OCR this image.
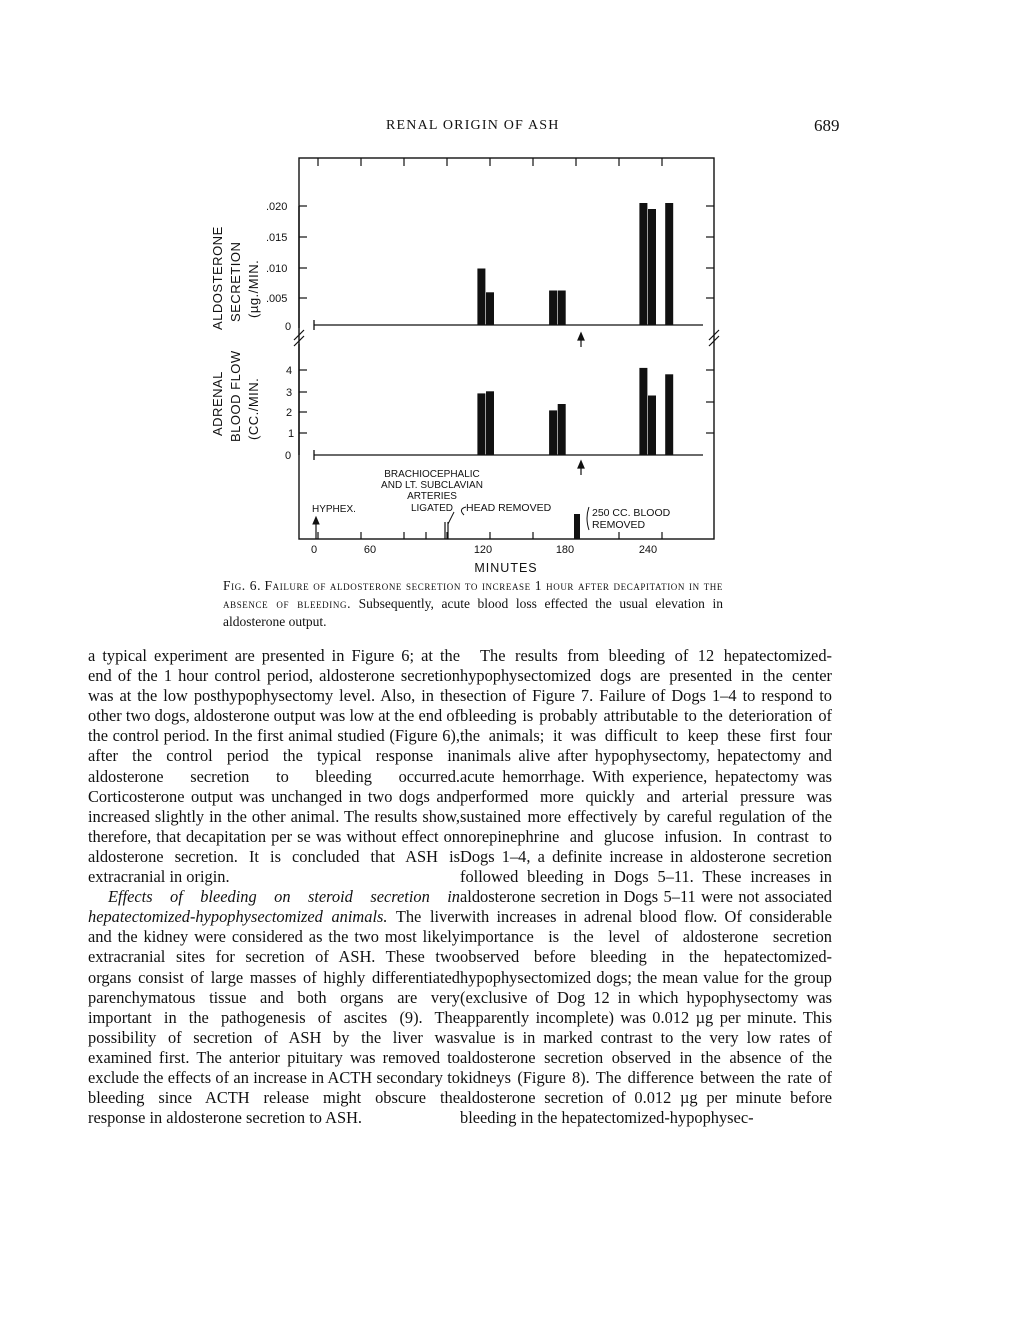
RENAL ORIGIN OF ASH	689
.020
.015
.010
.005
0
4
3
2
1
0
ALDOSTERONE SECRETION (µg./MIN.
ADRENAL BLOOD FLOW (CC./MIN.
BRACHIOCEPHALIC
AND LT. SUBCLAVIAN
ARTERIES
LIGATED
HYPHEX.	HEAD REMOVED	250 CC. BLOOD
REMOVED
0	60	120	180	240
MINUTES
Fig. 6. Failure of aldosterone secretion to increase 1 hour after decapitation in the absence of bleeding. Subsequently, acute blood loss effected the usual elevation in aldosterone output.

a typical experiment are presented in Figure 6; at the end of the 1 hour control period, aldosterone secretion was at the low posthypophysectomy level. Also, in the other two dogs, aldosterone output was low at the end of the control period. In the first animal studied (Figure 6), after the control period the typical response in aldosterone secretion to bleeding occurred. Corticosterone output was unchanged in two dogs and increased slightly in the other animal. The results show, therefore, that decapitation per se was without effect on aldosterone secretion. It is concluded that ASH is extracranial in origin.

Effects of bleeding on steroid secretion in hepatectomized-hypophysectomized animals. The liver and the kidney were considered as the two most likely extracranial sites for secretion of ASH. These two organs consist of large masses of highly differentiated parenchymatous tissue and both organs are very important in the pathogenesis of ascites (9). The possibility of secretion of ASH by the liver was examined first. The anterior pituitary was removed to exclude the effects of an increase in ACTH secondary to bleeding since ACTH release might obscure the response in aldosterone secretion to ASH.

The results from bleeding of 12 hepatectomized-hypophysectomized dogs are presented in the center section of Figure 7. Failure of Dogs 1–4 to respond to bleeding is probably attributable to the deterioration of the animals; it was difficult to keep these first four animals alive after hypophysectomy, hepatectomy and acute hemorrhage. With experience, hepatectomy was performed more quickly and arterial pressure was sustained more effectively by careful regulation of the norepinephrine and glucose infusion. In contrast to Dogs 1–4, a definite increase in aldosterone secretion followed bleeding in Dogs 5–11. These increases in aldosterone secretion in Dogs 5–11 were not associated with increases in adrenal blood flow. Of considerable importance is the level of aldosterone secretion observed before bleeding in the hepatectomized-hypophysectomized dogs; the mean value for the group (exclusive of Dog 12 in which hypophysectomy was apparently incomplete) was 0.012 µg per minute. This value is in marked contrast to the very low rates of aldosterone secretion observed in the absence of the kidneys (Figure 8). The difference between the rate of aldosterone secretion of 0.012 µg per minute before bleeding in the hepatectomized-hypophysec-
